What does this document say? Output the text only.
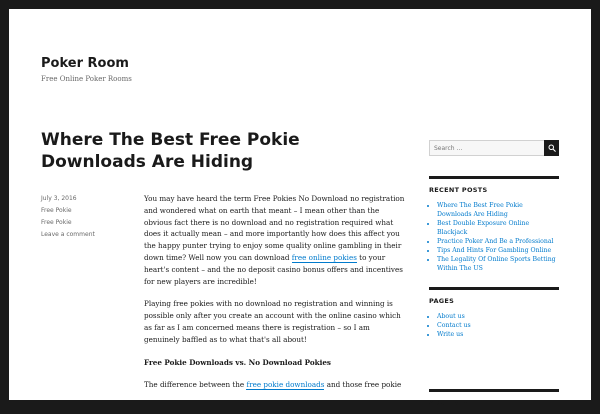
Poker Room
Free Online Poker Rooms
Where The Best Free Pokie Downloads Are Hiding
July 3, 2016
Free Pokie
Free Pokie
Leave a comment

You may have heard the term Free Pokies No Download no registration and wondered what on earth that meant – I mean other than the obvious fact there is no download and no registration required what does it actually mean – and more importantly how does this affect you the happy punter trying to enjoy some quality online gambling in their down time? Well now you can download free online pokies to your heart's content – and the no deposit casino bonus offers and incentives for new players are incredible!

Playing free pokies with no download no registration and winning is possible only after you create an account with the online casino which as far as I am concerned means there is registration – so I am genuinely baffled as to what that's all about!

Free Pokie Downloads vs. No Download Pokies

The difference between the free pokie downloads and those free pokie

Search …
RECENT POSTS
• Where The Best Free Pokie Downloads Are Hiding
• Best Double Exposure Online Blackjack
• Practice Poker And Be a Professional
• Tips And Hints For Gambling Online
• The Legality Of Online Sports Betting Within The US
PAGES
• About us
• Contact us
• Write us
ARCHIVES
